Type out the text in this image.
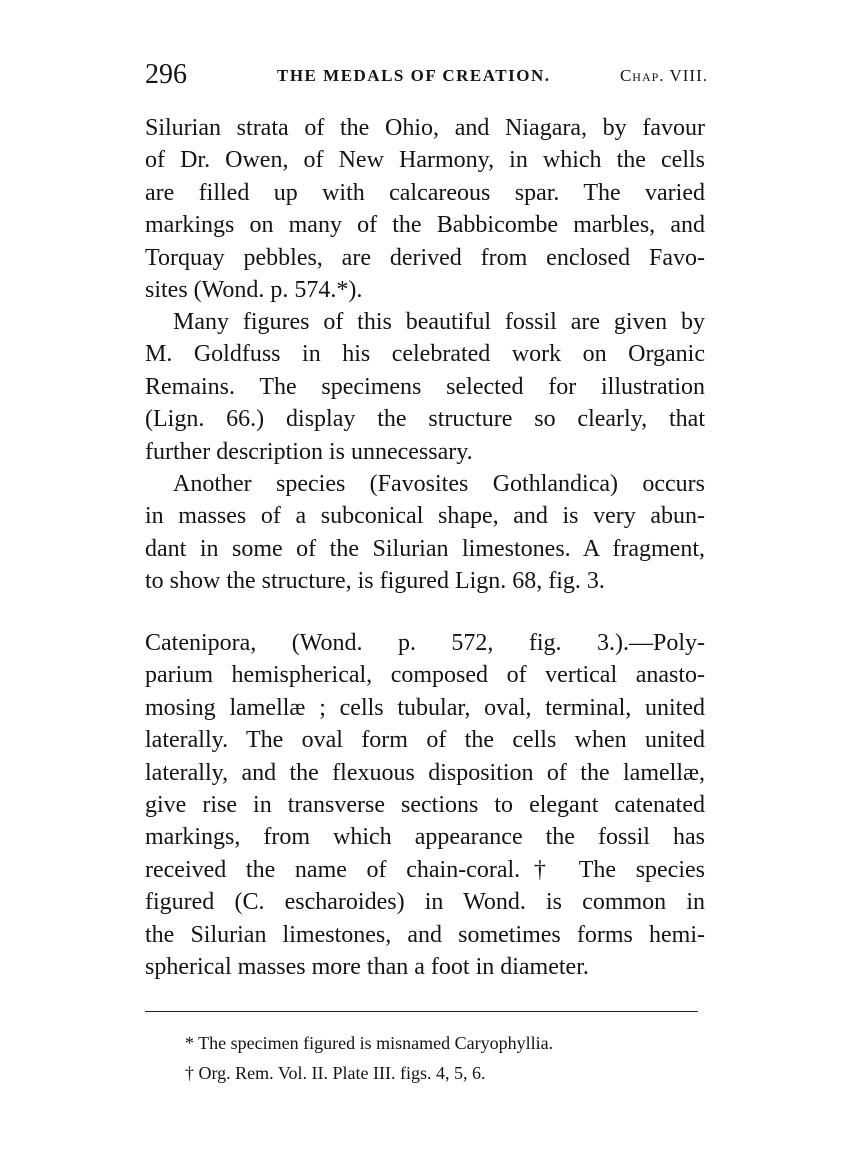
296	THE MEDALS OF CREATION.	Chap. VIII.
Silurian strata of the Ohio, and Niagara, by favour
of Dr. Owen, of New Harmony, in which the cells
are filled up with calcareous spar. The varied
markings on many of the Babbicombe marbles, and
Torquay pebbles, are derived from enclosed Favo-
sites (Wond. p. 574.*).
Many figures of this beautiful fossil are given by
M. Goldfuss in his celebrated work on Organic
Remains. The specimens selected for illustration
(Lign. 66.) display the structure so clearly, that
further description is unnecessary.
Another species (Favosites Gothlandica) occurs
in masses of a subconical shape, and is very abun-
dant in some of the Silurian limestones. A fragment,
to show the structure, is figured Lign. 68, fig. 3.
Catenipora, (Wond. p. 572, fig. 3.).—Poly-
parium hemispherical, composed of vertical anasto-
mosing lamellæ ; cells tubular, oval, terminal, united
laterally. The oval form of the cells when united
laterally, and the flexuous disposition of the lamellæ,
give rise in transverse sections to elegant catenated
markings, from which appearance the fossil has
received the name of chain-coral.† The species
figured (C. escharoides) in Wond. is common in
the Silurian limestones, and sometimes forms hemi-
spherical masses more than a foot in diameter.
* The specimen figured is misnamed Caryophyllia.
† Org. Rem. Vol. II. Plate III. figs. 4, 5, 6.
